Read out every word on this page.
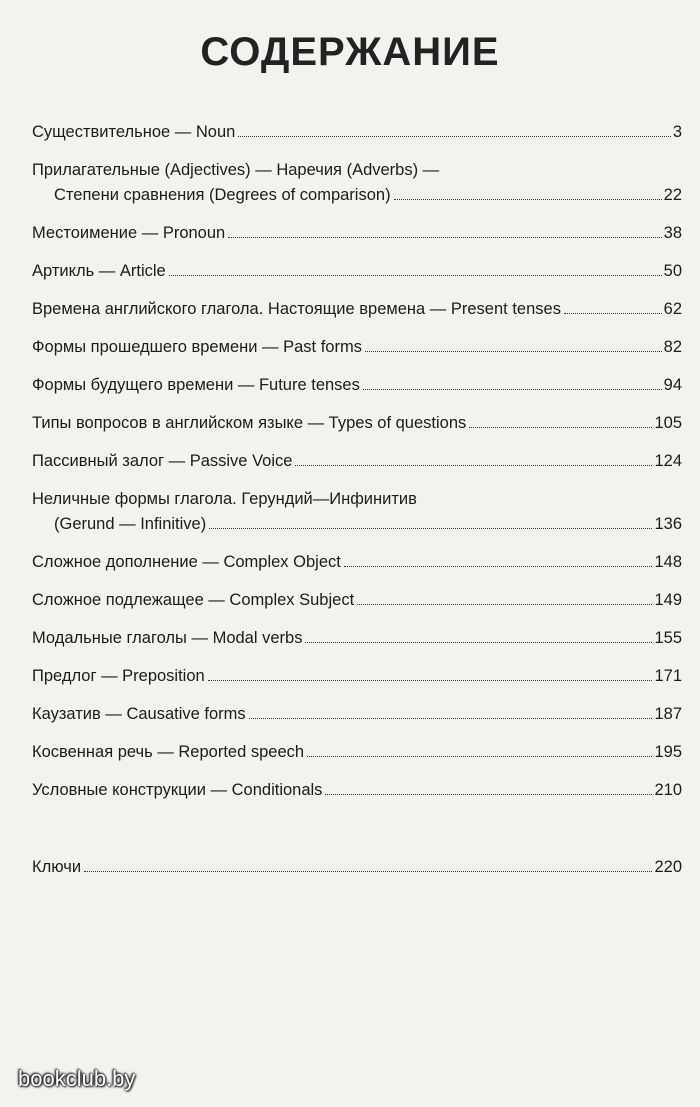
СОДЕРЖАНИЕ
Существительное — Noun	3
Прилагательные (Adjectives) — Наречия (Adverbs) —
Степени сравнения (Degrees of comparison)	22
Местоимение — Pronoun	38
Артикль — Article	50
Времена английского глагола. Настоящие времена — Present tenses	62
Формы прошедшего времени — Past forms	82
Формы будущего времени — Future tenses	94
Типы вопросов в английском языке — Types of questions	105
Пассивный залог — Passive Voice	124
Неличные формы глагола. Герундий—Инфинитив
(Gerund — Infinitive)	136
Сложное дополнение — Complex Object	148
Сложное подлежащее — Complex Subject	149
Модальные глаголы — Modal verbs	155
Предлог — Preposition	171
Каузатив — Causative forms	187
Косвенная речь — Reported speech	195
Условные конструкции — Conditionals	210
Ключи	220
bookclub.by
